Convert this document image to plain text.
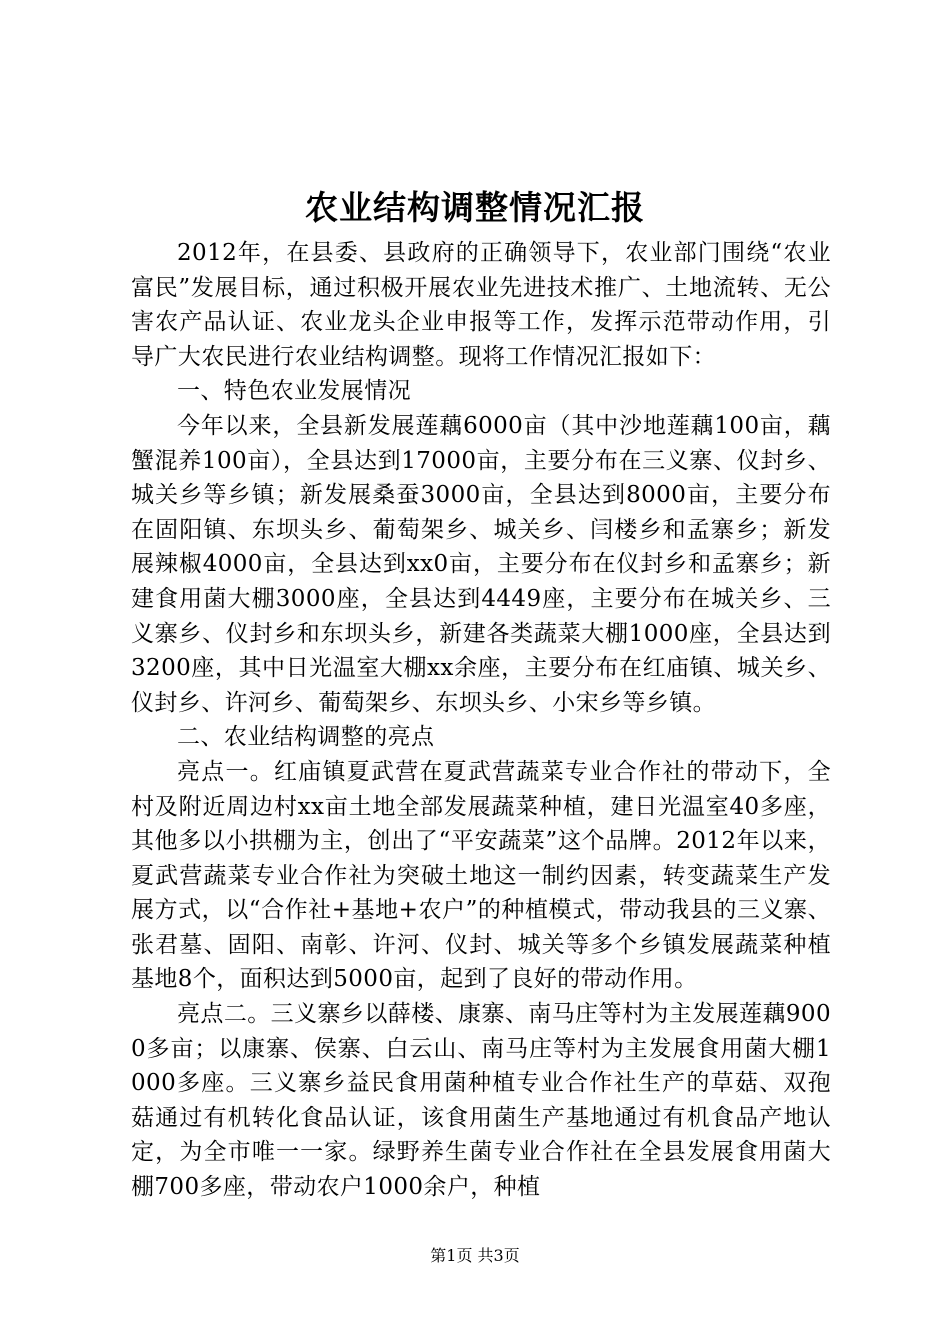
农业结构调整情况汇报

2012年，在县委、县政府的正确领导下，农业部门围绕“农业富民”发展目标，通过积极开展农业先进技术推广、土地流转、无公害农产品认证、农业龙头企业申报等工作，发挥示范带动作用，引导广大农民进行农业结构调整。现将工作情况汇报如下：

一、特色农业发展情况

今年以来，全县新发展莲藕6000亩（其中沙地莲藕100亩，藕蟹混养100亩），全县达到17000亩，主要分布在三义寨、仪封乡、城关乡等乡镇；新发展桑蚕3000亩，全县达到8000亩，主要分布在固阳镇、东坝头乡、葡萄架乡、城关乡、闫楼乡和孟寨乡；新发展辣椒4000亩，全县达到xx0亩，主要分布在仪封乡和孟寨乡；新建食用菌大棚3000座，全县达到4449座，主要分布在城关乡、三义寨乡、仪封乡和东坝头乡，新建各类蔬菜大棚1000座，全县达到3200座，其中日光温室大棚xx余座，主要分布在红庙镇、城关乡、仪封乡、许河乡、葡萄架乡、东坝头乡、小宋乡等乡镇。

二、农业结构调整的亮点

亮点一。红庙镇夏武营在夏武营蔬菜专业合作社的带动下，全村及附近周边村xx亩土地全部发展蔬菜种植，建日光温室40多座，其他多以小拱棚为主，创出了“平安蔬菜”这个品牌。2012年以来，夏武营蔬菜专业合作社为突破土地这一制约因素，转变蔬菜生产发展方式，以“合作社+基地+农户”的种植模式，带动我县的三义寨、张君墓、固阳、南彰、许河、仪封、城关等多个乡镇发展蔬菜种植基地8个，面积达到5000亩，起到了良好的带动作用。

亮点二。三义寨乡以薛楼、康寨、南马庄等村为主发展莲藕9000多亩；以康寨、侯寨、白云山、南马庄等村为主发展食用菌大棚1000多座。三义寨乡益民食用菌种植专业合作社生产的草菇、双孢菇通过有机转化食品认证，该食用菌生产基地通过有机食品产地认定，为全市唯一一家。绿野养生菌专业合作社在全县发展食用菌大棚700多座，带动农户1000余户，种植

第1页 共3页
